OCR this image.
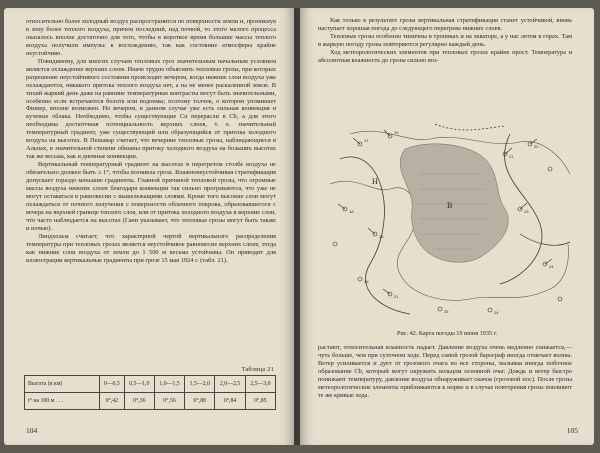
относительно более холодный воздух распространится по поверхности земли и, проникнув в зону более теплого воздуха, причем последний, над почвой, то этого малого процесса оказалось вполне достаточно для того, чтобы в короткое время большие массы теплого воздуха получили импульс к восхождению, так как состояние атмосферы крайне неустойчиво.

Повидимому, для многих случаев тепловых гроз значительным начальным условием является охлаждение верхних слоев. Иначе трудно объяснить тепловые грозы, при которых разрешение неустойчивого состояния происходит вечером, когда нижние слои воздуха уже охлаждаются, никакого притока теплого воздуха нет, а на не менее раскаленной земле. В тихий жаркий день даже на равнине температурные контрасты могут быть значительными, особенно если встречаются болота или водоемы; поэтому толчок, о котором упоминает Фишер, вполне возможен. Но вечером, в данном случае уже есть сильная конвекция и кучевые облака. Необходимо, чтобы существующие Cu перерасли в Cb, а для этого необходима достаточная потенциальность верхних слоев, т. е. значительный температурный градиент, уже существующий или образующийся от притока холодного воздуха на высотах. В Пешавар считает, что вечерние тепловые грозы, наблюдающиеся в Альпах, в значительной степени обязаны притоку холодного воздуха на больших высотах так же весьма, как и дневные конвекции.

Вертикальный температурный градиент на высотах в перегретом столбе воздуха не обязательно должен быть ≥ 1°, чтобы возникла гроза. Влажнонеустойчивая стратификация допускает гораздо меньшие градиенты. Главной причиной тепловой грозы, что огромные массы воздуха нижних слоев благодаря конвекции так сильно прогреваются, что уже не могут оставаться в равновесии с вышележащими слоями. Кроме того высокие слои могут охлаждаться от ночного излучения с поверхности облачного покрова, образовавшегося с вечера на верхней границе теплого слоя, или от притока холодного воздуха в верхние слои, что часто наблюдается на высотах (Ганн указывает, что тепловые грозы могут быть также и ночью).

Линдхольм считает, что характерной чертой вертикального распределения температуры при тепловых грозах является неустойчивое равновесие верхних слоев, тогда как нижние слои воздуха от земли до 1 500 м весьма устойчивы. Он приводит для иллюстрации вертикальные градиенты при грозе 15 мая 1924 г. (табл. 21).

Таблица 21
Высота (в км)	0—0,5	0,5—1,0	1,0—1,5	1,5—2,0	2,0—2,5	2,5—3,0
t° на 100 м . . .	0°,42	0°,36	0°,56	0°,88	0°,84	0°,85
104

Как только в результате грозы вертикальная стратификация станет устойчивой, вновь наступает хорошая погода до следующего перегрева нижних слоев.

Тепловые грозы особенно типичны в тропиках и на экваторе, а у нас летом в горах. Там в жаркую погоду грозы повторяются регулярно каждый день.

Ход метеорологических элементов при тепловых грозах крайне прост. Температура и абсолютная влажность до грозы сильно воз-

17
19
21
22
18
20
23
24
21
25	24
19
В
Н
Рис. 42. Карта погоды 19 июня 1935 г.

растают, относительная влажность падает. Давление воздуха очень медленно снижается,—чуть больше, чем при суточном ходе. Перед самой грозой барограф иногда отмечает волны. Ветер усиливается и дует от грозового очага во все стороны, вызывая иногда побочное образование Cb, который могут окружить кольцом основной очаг. Дождь и ветер быстро понижают температуру, давление воздуха обнаруживает скачок (грозовой нос). После грозы метеорологические элементы приближаются к норме и в случае повторения грозы повлияют те же кривые хода.

105
